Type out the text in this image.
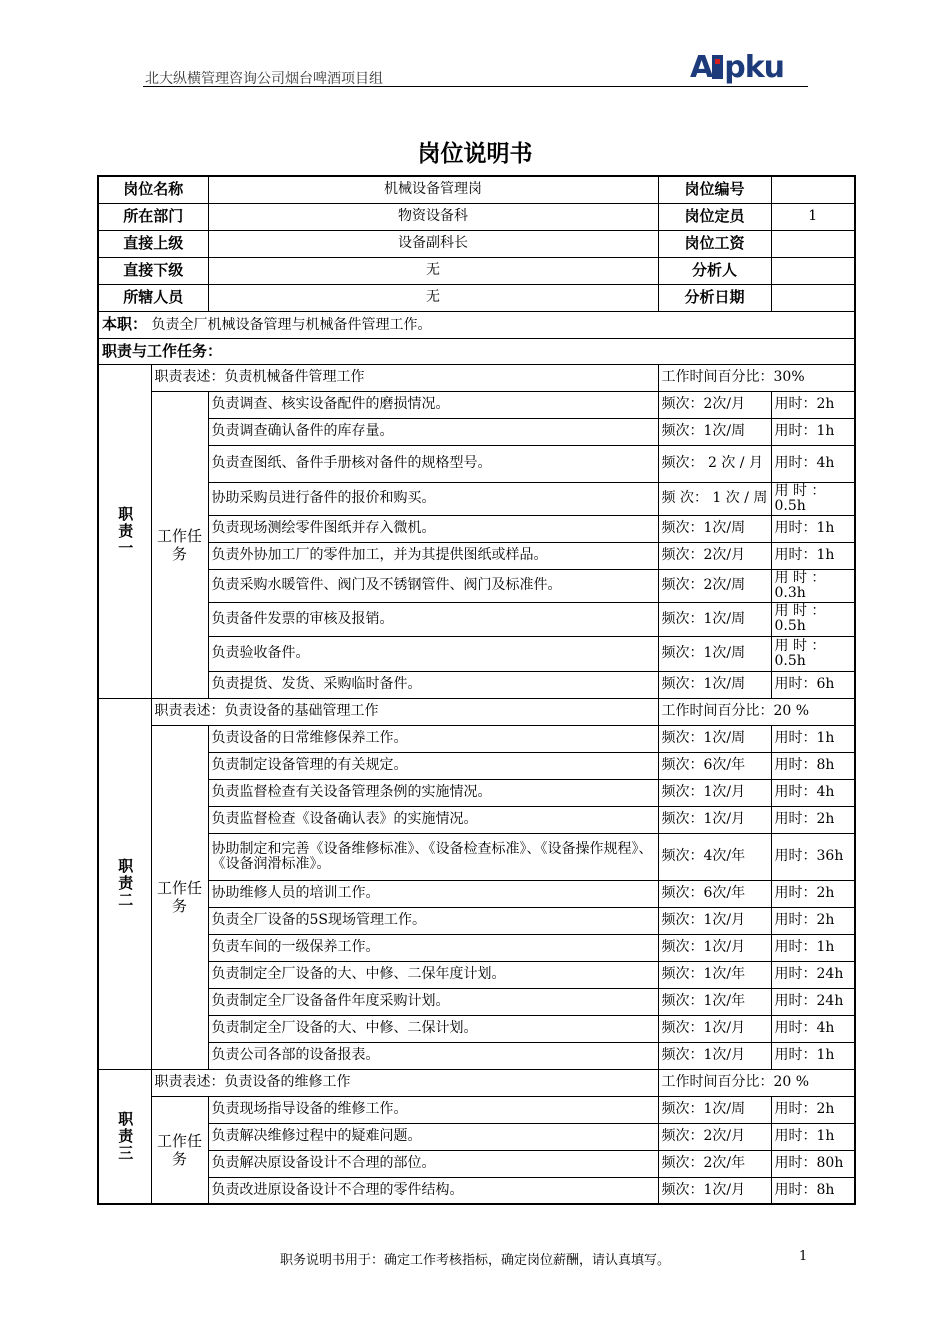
北大纵横管理咨询公司烟台啤酒项目组	A pku
岗位说明书
岗位名称		机械设备管理岗	岗位编号	
所在部门		物资设备科	岗位定员	1
直接上级		设备副科长	岗位工资	
直接下级		无	分析人	
所辖人员		无	分析日期	
本职： 负责全厂机械设备管理与机械备件管理工作。				
职责与工作任务：				
职责一	职责表述：负责机械备件管理工作		工作时间百分比：30%	
	工作任务	负责调查、核实设备配件的磨损情况。	频次：2次/月	用时：2h
		负责调查确认备件的库存量。	频次：1次/周	用时：1h
		负责查图纸、备件手册核对备件的规格型号。	频次： 2 次 / 月	用时：4h
		协助采购员进行备件的报价和购买。	频 次： 1 次 / 周	用 时 ： 0.5h
		负责现场测绘零件图纸并存入微机。	频次：1次/周	用时：1h
		负责外协加工厂的零件加工，并为其提供图纸或样品。	频次：2次/月	用时：1h
		负责采购水暖管件、阀门及不锈钢管件、阀门及标准件。	频次：2次/周	用 时 ： 0.3h
		负责备件发票的审核及报销。	频次：1次/周	用 时 ： 0.5h
		负责验收备件。	频次：1次/周	用 时 ： 0.5h
		负责提货、发货、采购临时备件。	频次：1次/周	用时：6h
职责二	职责表述：负责设备的基础管理工作		工作时间百分比：20 %	
	工作任务	负责设备的日常维修保养工作。	频次：1次/周	用时：1h
		负责制定设备管理的有关规定。	频次：6次/年	用时：8h
		负责监督检查有关设备管理条例的实施情况。	频次：1次/月	用时：4h
		负责监督检查《设备确认表》的实施情况。	频次：1次/月	用时：2h
		协助制定和完善《设备维修标准》、《设备检查标准》、《设备操作规程》、《设备润滑标准》。	频次：4次/年	用时：36h
		协助维修人员的培训工作。	频次：6次/年	用时：2h
		负责全厂设备的5S现场管理工作。	频次：1次/月	用时：2h
		负责车间的一级保养工作。	频次：1次/月	用时：1h
		负责制定全厂设备的大、中修、二保年度计划。	频次：1次/年	用时：24h
		负责制定全厂设备备件年度采购计划。	频次：1次/年	用时：24h
		负责制定全厂设备的大、中修、二保计划。	频次：1次/月	用时：4h
		负责公司各部的设备报表。	频次：1次/月	用时：1h
职责三	职责表述：负责设备的维修工作		工作时间百分比：20 %	
	工作任务	负责现场指导设备的维修工作。	频次：1次/周	用时：2h
		负责解决维修过程中的疑难问题。	频次：2次/月	用时：1h
		负责解决原设备设计不合理的部位。	频次：2次/年	用时：80h
		负责改进原设备设计不合理的零件结构。	频次：1次/月	用时：8h
职务说明书用于：确定工作考核指标，确定岗位薪酬，请认真填写。	1
